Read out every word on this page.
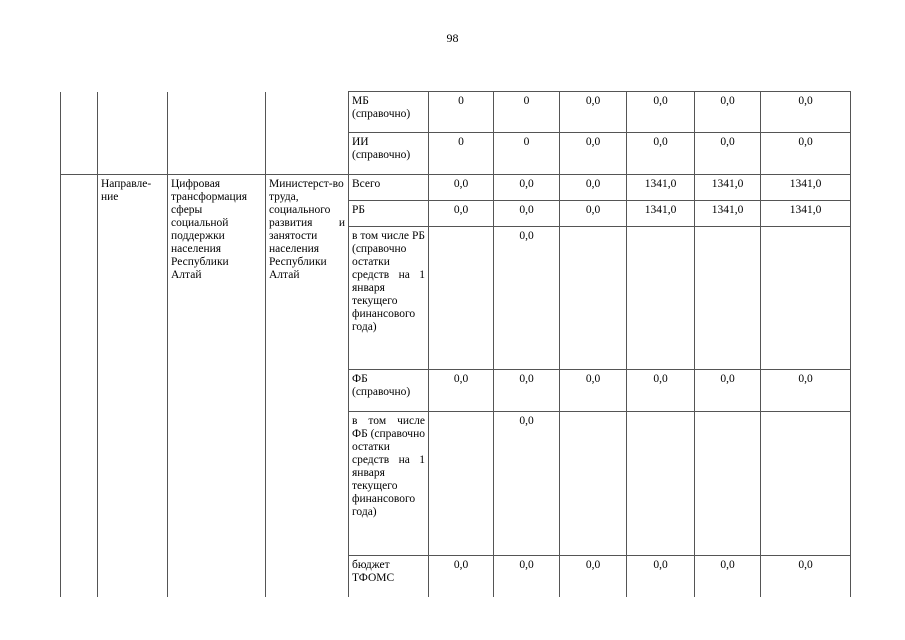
98
				МБ (справочно)	0	0	0,0	0,0	0,0	0,0
				ИИ (справочно)	0	0	0,0	0,0	0,0	0,0
	Направле-ние	Цифровая трансформация сферы социальной поддержки населения Республики Алтай	Министерст-во труда, социального развития и занятости населения Республики Алтай	Всего	0,0	0,0	0,0	1341,0	1341,0	1341,0
				РБ	0,0	0,0	0,0	1341,0	1341,0	1341,0
				в том числе РБ (справочно остатки средств на 1 января текущего финансового года)		0,0				
				ФБ (справочно)	0,0	0,0	0,0	0,0	0,0	0,0
				в том числе ФБ (справочно остатки средств на 1 января текущего финансового года)		0,0				
				бюджет ТФОМС	0,0	0,0	0,0	0,0	0,0	0,0
